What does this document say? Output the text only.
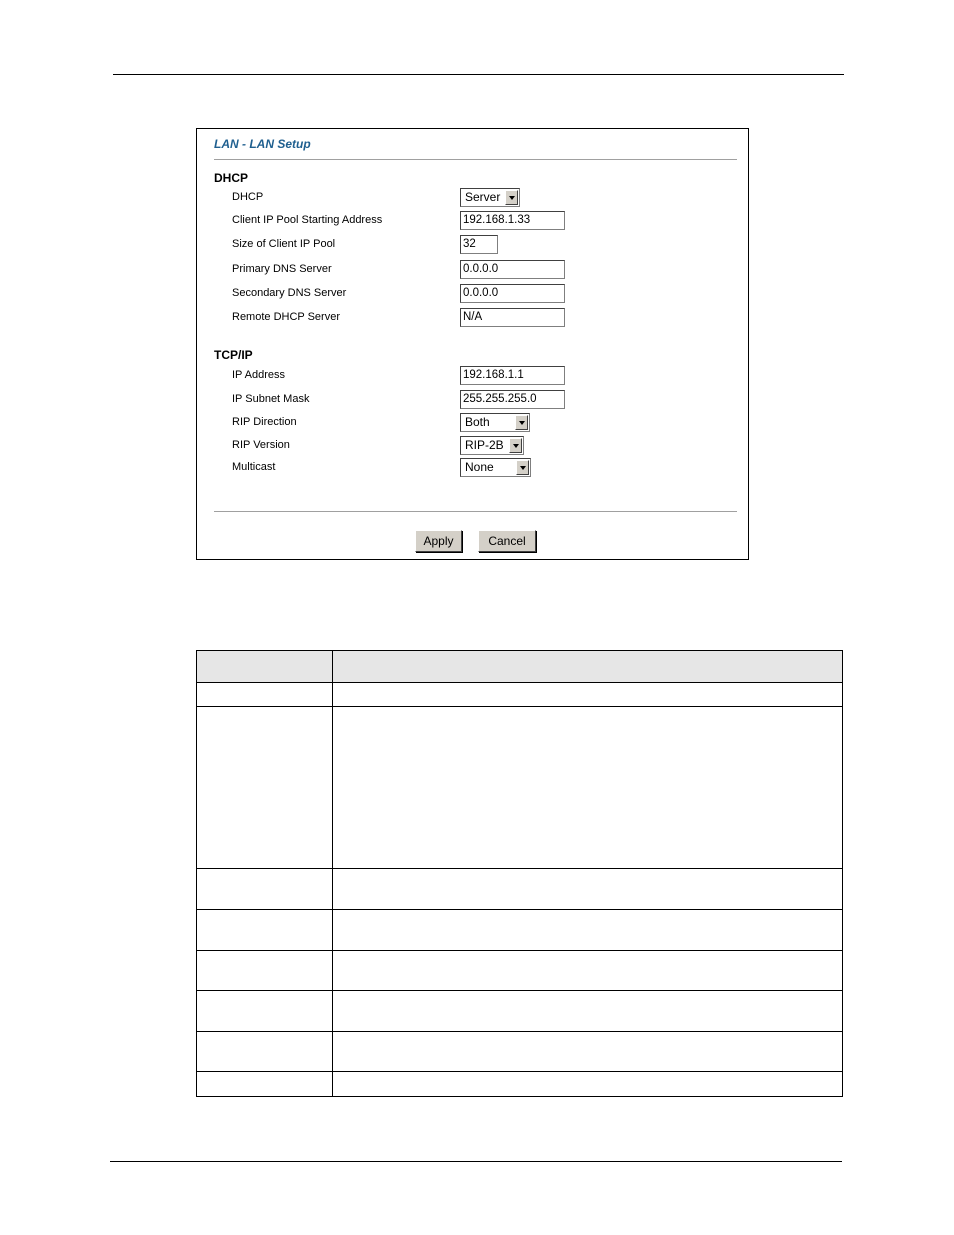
LAN - LAN Setup
DHCP
DHCP	Server
Client IP Pool Starting Address	192.168.1.33
Size of Client IP Pool	32
Primary DNS Server	0.0.0.0
Secondary DNS Server	0.0.0.0
Remote DHCP Server	N/A
TCP/IP
IP Address	192.168.1.1
IP Subnet Mask	255.255.255.0
RIP Direction	Both
RIP Version	RIP-2B
Multicast	None
Apply	Cancel
